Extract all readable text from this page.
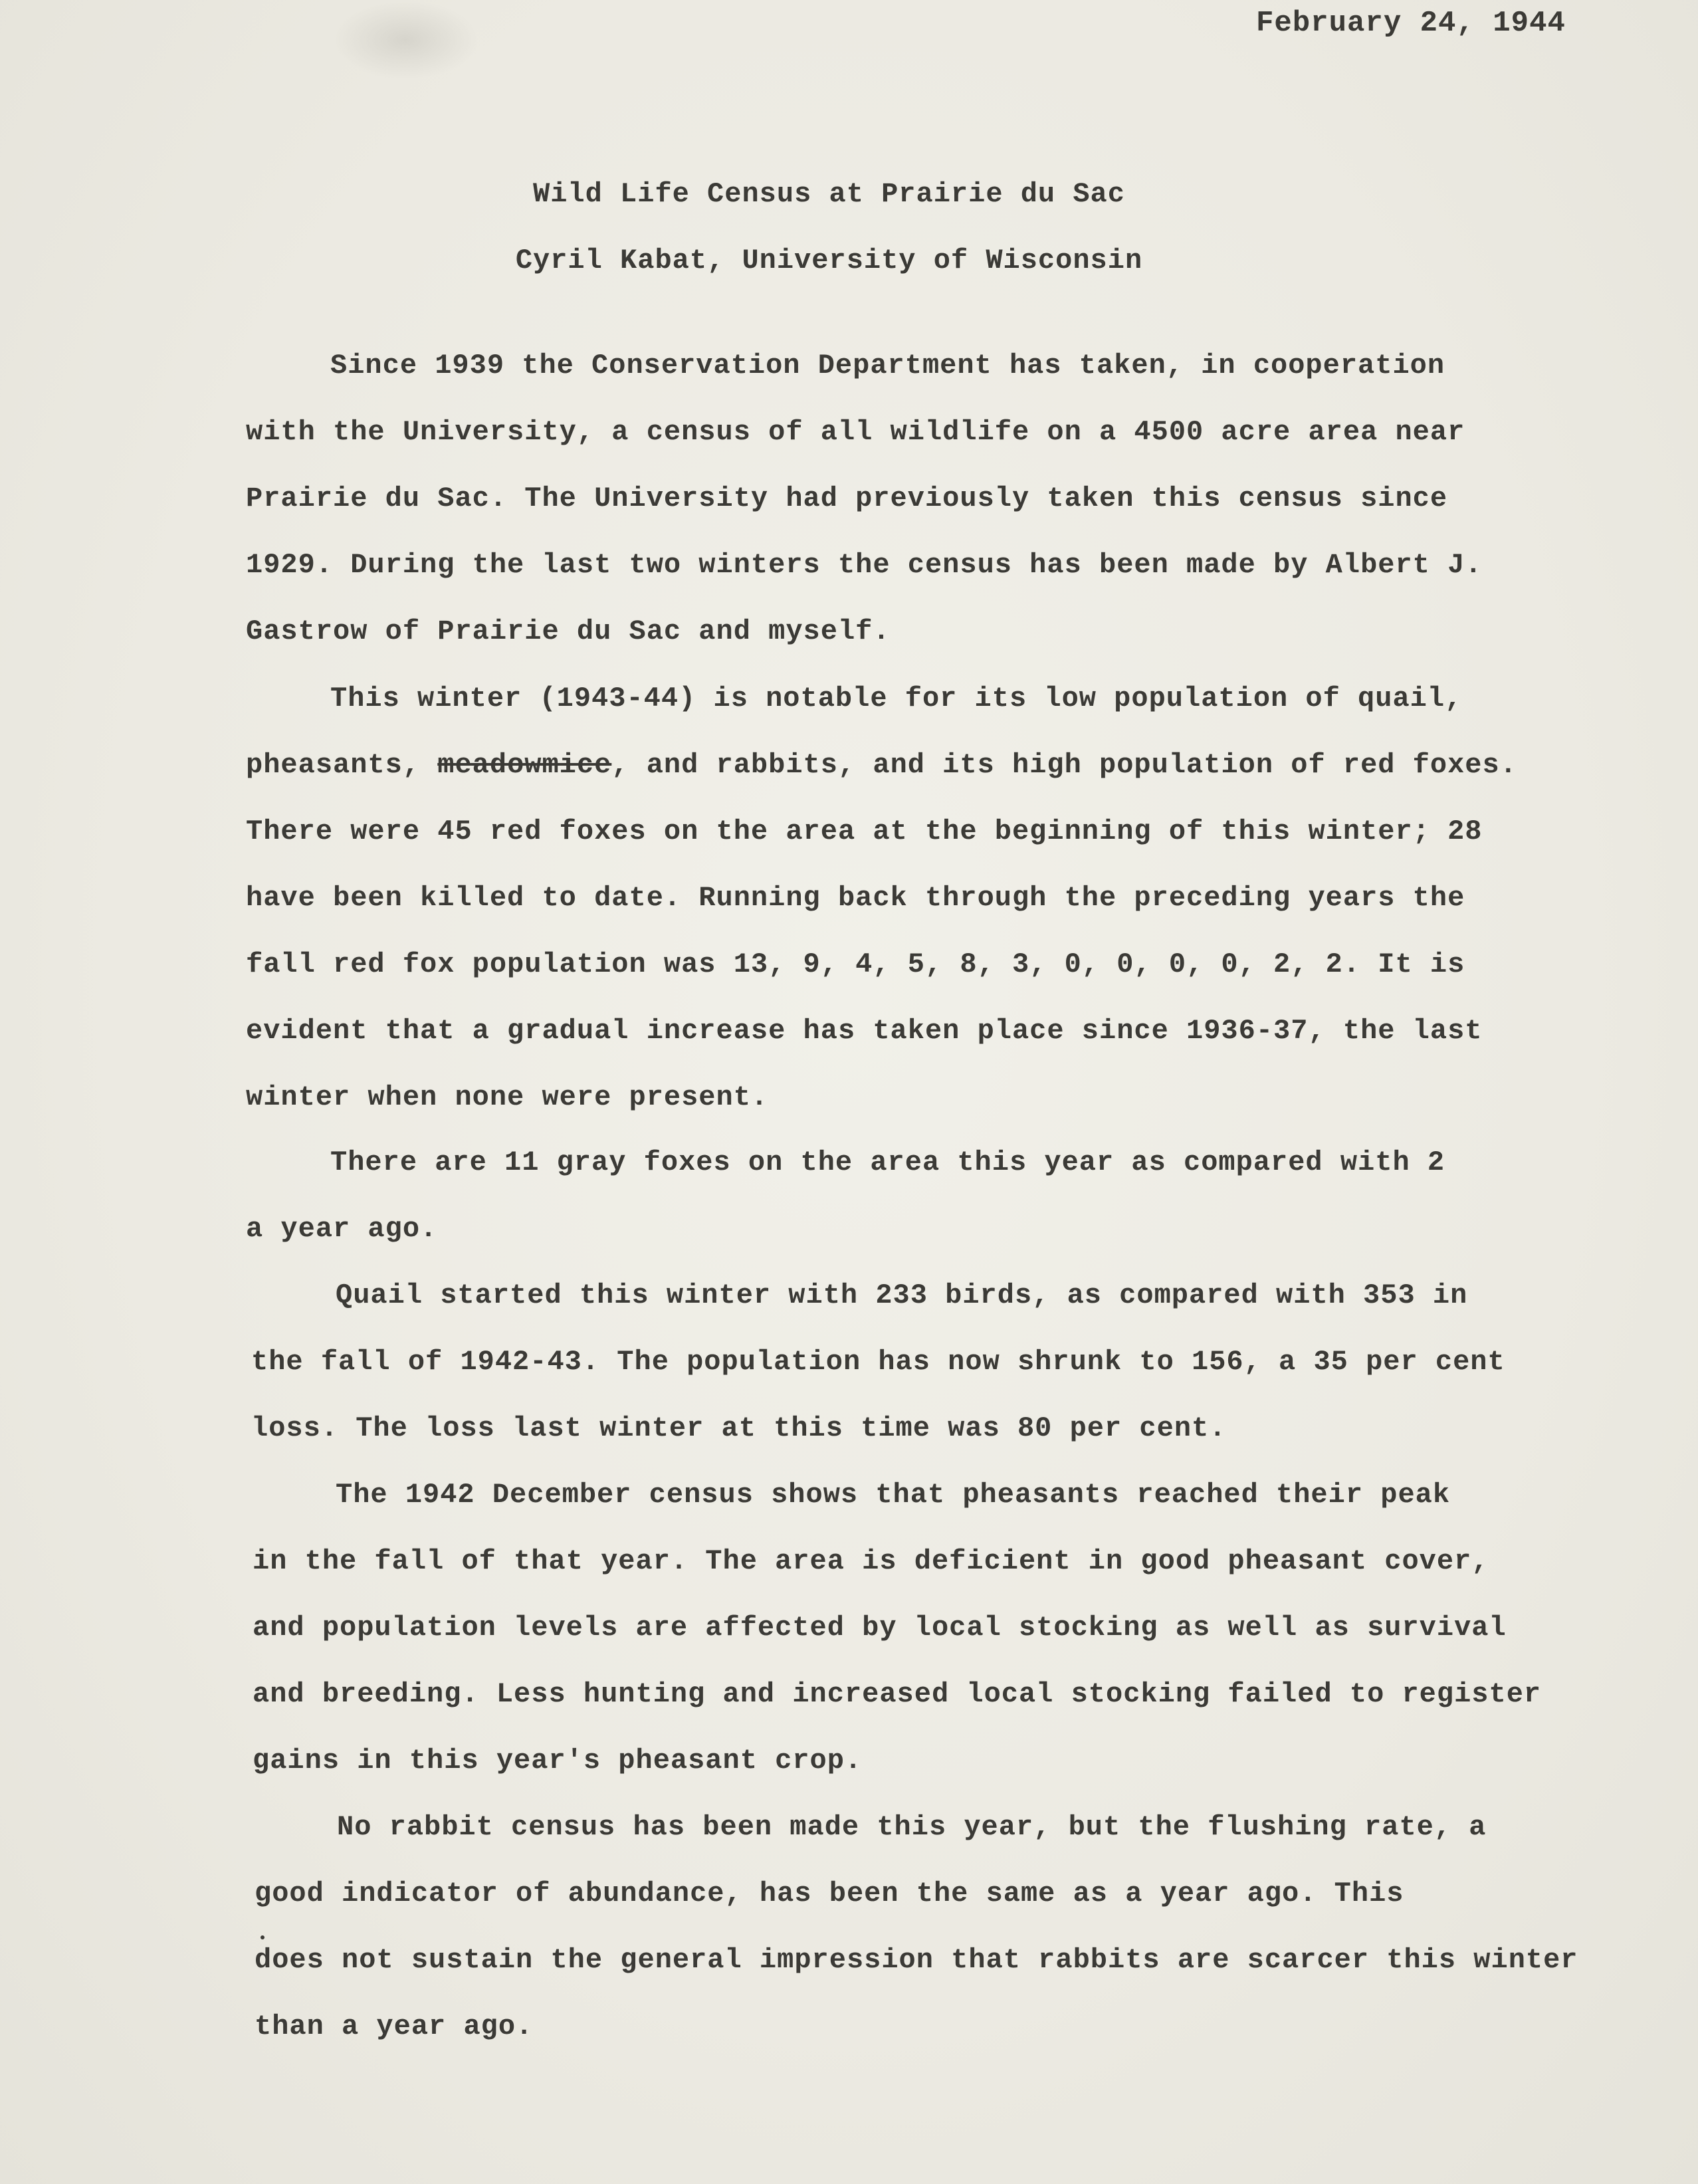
February 24, 1944
Wild Life Census at Prairie du Sac
Cyril Kabat, University of Wisconsin
Since 1939 the Conservation Department has taken, in cooperation
with the University, a census of all wildlife on a 4500 acre area near
Prairie du Sac. The University had previously taken this census since
1929. During the last two winters the census has been made by Albert J.
Gastrow of Prairie du Sac and myself.
This winter (1943-44) is notable for its low population of quail,
pheasants, meadowmice, and rabbits, and its high population of red foxes.
There were 45 red foxes on the area at the beginning of this winter; 28
have been killed to date. Running back through the preceding years the
fall red fox population was 13, 9, 4, 5, 8, 3, 0, 0, 0, 0, 2, 2. It is
evident that a gradual increase has taken place since 1936-37, the last
winter when none were present.
There are 11 gray foxes on the area this year as compared with 2
a year ago.
Quail started this winter with 233 birds, as compared with 353 in
the fall of 1942-43. The population has now shrunk to 156, a 35 per cent
loss. The loss last winter at this time was 80 per cent.
The 1942 December census shows that pheasants reached their peak
in the fall of that year. The area is deficient in good pheasant cover,
and population levels are affected by local stocking as well as survival
and breeding. Less hunting and increased local stocking failed to register
gains in this year's pheasant crop.
No rabbit census has been made this year, but the flushing rate, a
good indicator of abundance, has been the same as a year ago. This
does not sustain the general impression that rabbits are scarcer this winter
than a year ago.
